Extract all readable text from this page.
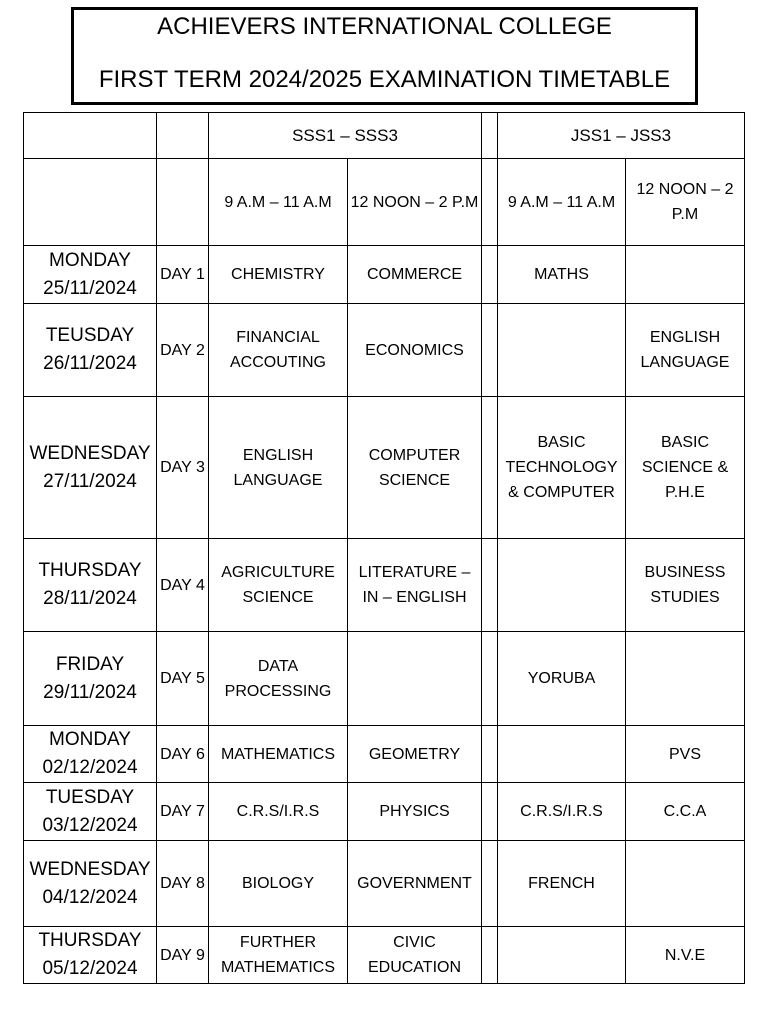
ACHIEVERS INTERNATIONAL COLLEGE
FIRST TERM 2024/2025 EXAMINATION TIMETABLE
		SSS1 – SSS3			JSS1 – JSS3	
		9 A.M – 11 A.M	12 NOON – 2 P.M		9 A.M – 11 A.M	12 NOON – 2 P.M

MONDAY
25/11/2024	DAY 1	CHEMISTRY	COMMERCE		MATHS	

TEUSDAY
26/11/2024	DAY 2	FINANCIAL ACCOUTING	ECONOMICS			ENGLISH LANGUAGE

WEDNESDAY
27/11/2024	DAY 3	ENGLISH LANGUAGE	COMPUTER SCIENCE		BASIC TECHNOLOGY & COMPUTER	BASIC SCIENCE & P.H.E

THURSDAY
28/11/2024	DAY 4	AGRICULTURE SCIENCE	LITERATURE – IN – ENGLISH			BUSINESS STUDIES

FRIDAY
29/11/2024	DAY 5	DATA PROCESSING			YORUBA	

MONDAY
02/12/2024	DAY 6	MATHEMATICS	GEOMETRY			PVS

TUESDAY
03/12/2024	DAY 7	C.R.S/I.R.S	PHYSICS		C.R.S/I.R.S	C.C.A

WEDNESDAY
04/12/2024	DAY 8	BIOLOGY	GOVERNMENT		FRENCH	

THURSDAY
05/12/2024	DAY 9	FURTHER MATHEMATICS	CIVIC EDUCATION			N.V.E
